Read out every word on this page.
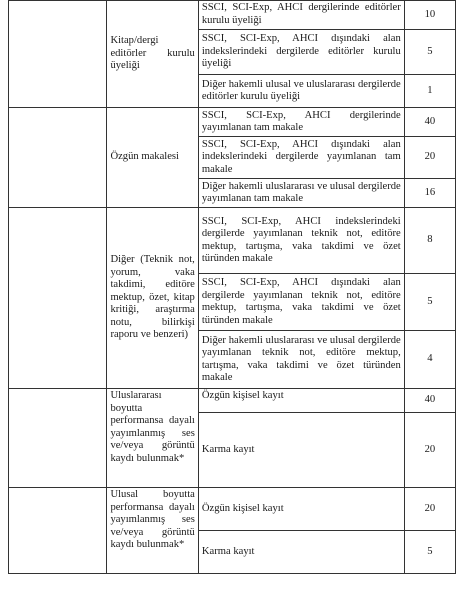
	Kitap/dergi editörler kurulu üyeliği	SSCI, SCI-Exp, AHCI dergilerinde editörler kurulu üyeliği	10
		SSCI, SCI-Exp, AHCI dışındaki alan indekslerindeki dergilerde editörler kurulu üyeliği	5
		Diğer hakemli ulusal ve uluslararası dergilerde editörler kurulu üyeliği	1
	Özgün makalesi	SSCI, SCI-Exp, AHCI dergilerinde yayımlanan tam makale	40
		SSCI, SCI-Exp, AHCI dışındaki alan indekslerindeki dergilerde yayımlanan tam makale	20
		Diğer hakemli uluslararası ve ulusal dergilerde yayımlanan tam makale	16
	Diğer (Teknik not, yorum, vaka takdimi, editöre mektup, özet, kitap kritiği, araştırma notu, bilirkişi raporu ve benzeri)	SSCI, SCI-Exp, AHCI indekslerindeki dergilerde yayımlanan teknik not, editöre mektup, tartışma, vaka takdimi ve özet türünden makale	8
		SSCI, SCI-Exp, AHCI dışındaki alan dergilerde yayımlanan teknik not, editöre mektup, tartışma, vaka takdimi ve özet türünden makale	5
		Diğer hakemli uluslararası ve ulusal dergilerde yayımlanan teknik not, editöre mektup, tartışma, vaka takdimi ve özet türünden makale	4
	Uluslararası boyutta performansa dayalı yayımlanmış ses ve/veya görüntü kaydı bulunmak*	Özgün kişisel kayıt	40
		Karma kayıt	20
	Ulusal boyutta performansa dayalı yayımlanmış ses ve/veya görüntü kaydı bulunmak*	Özgün kişisel kayıt	20
		Karma kayıt	5
